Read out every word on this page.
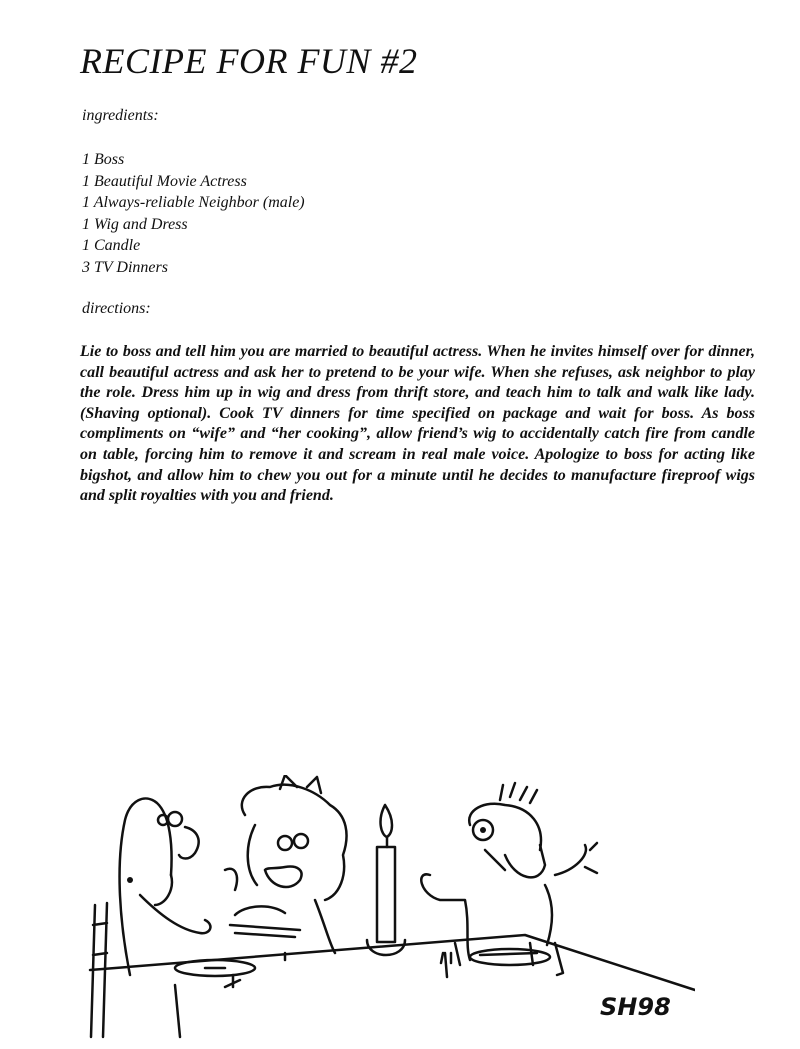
RECIPE FOR FUN #2

ingredients:

1 Boss
1 Beautiful Movie Actress
1 Always-reliable Neighbor (male)
1 Wig and Dress
1 Candle
3 TV Dinners

directions:

Lie to boss and tell him you are married to beautiful actress. When he invites himself over for dinner, call beautiful actress and ask her to pretend to be your wife. When she refuses, ask neighbor to play the role. Dress him up in wig and dress from thrift store, and teach him to talk and walk like lady. (Shaving optional). Cook TV dinners for time specified on package and wait for boss. As boss compliments on “wife” and “her cooking”, allow friend’s wig to accidentally catch fire from candle on table, forcing him to remove it and scream in real male voice. Apologize to boss for acting like bigshot, and allow him to chew you out for a minute until he decides to manufacture fireproof wigs and split royalties with you and friend.

SH98
